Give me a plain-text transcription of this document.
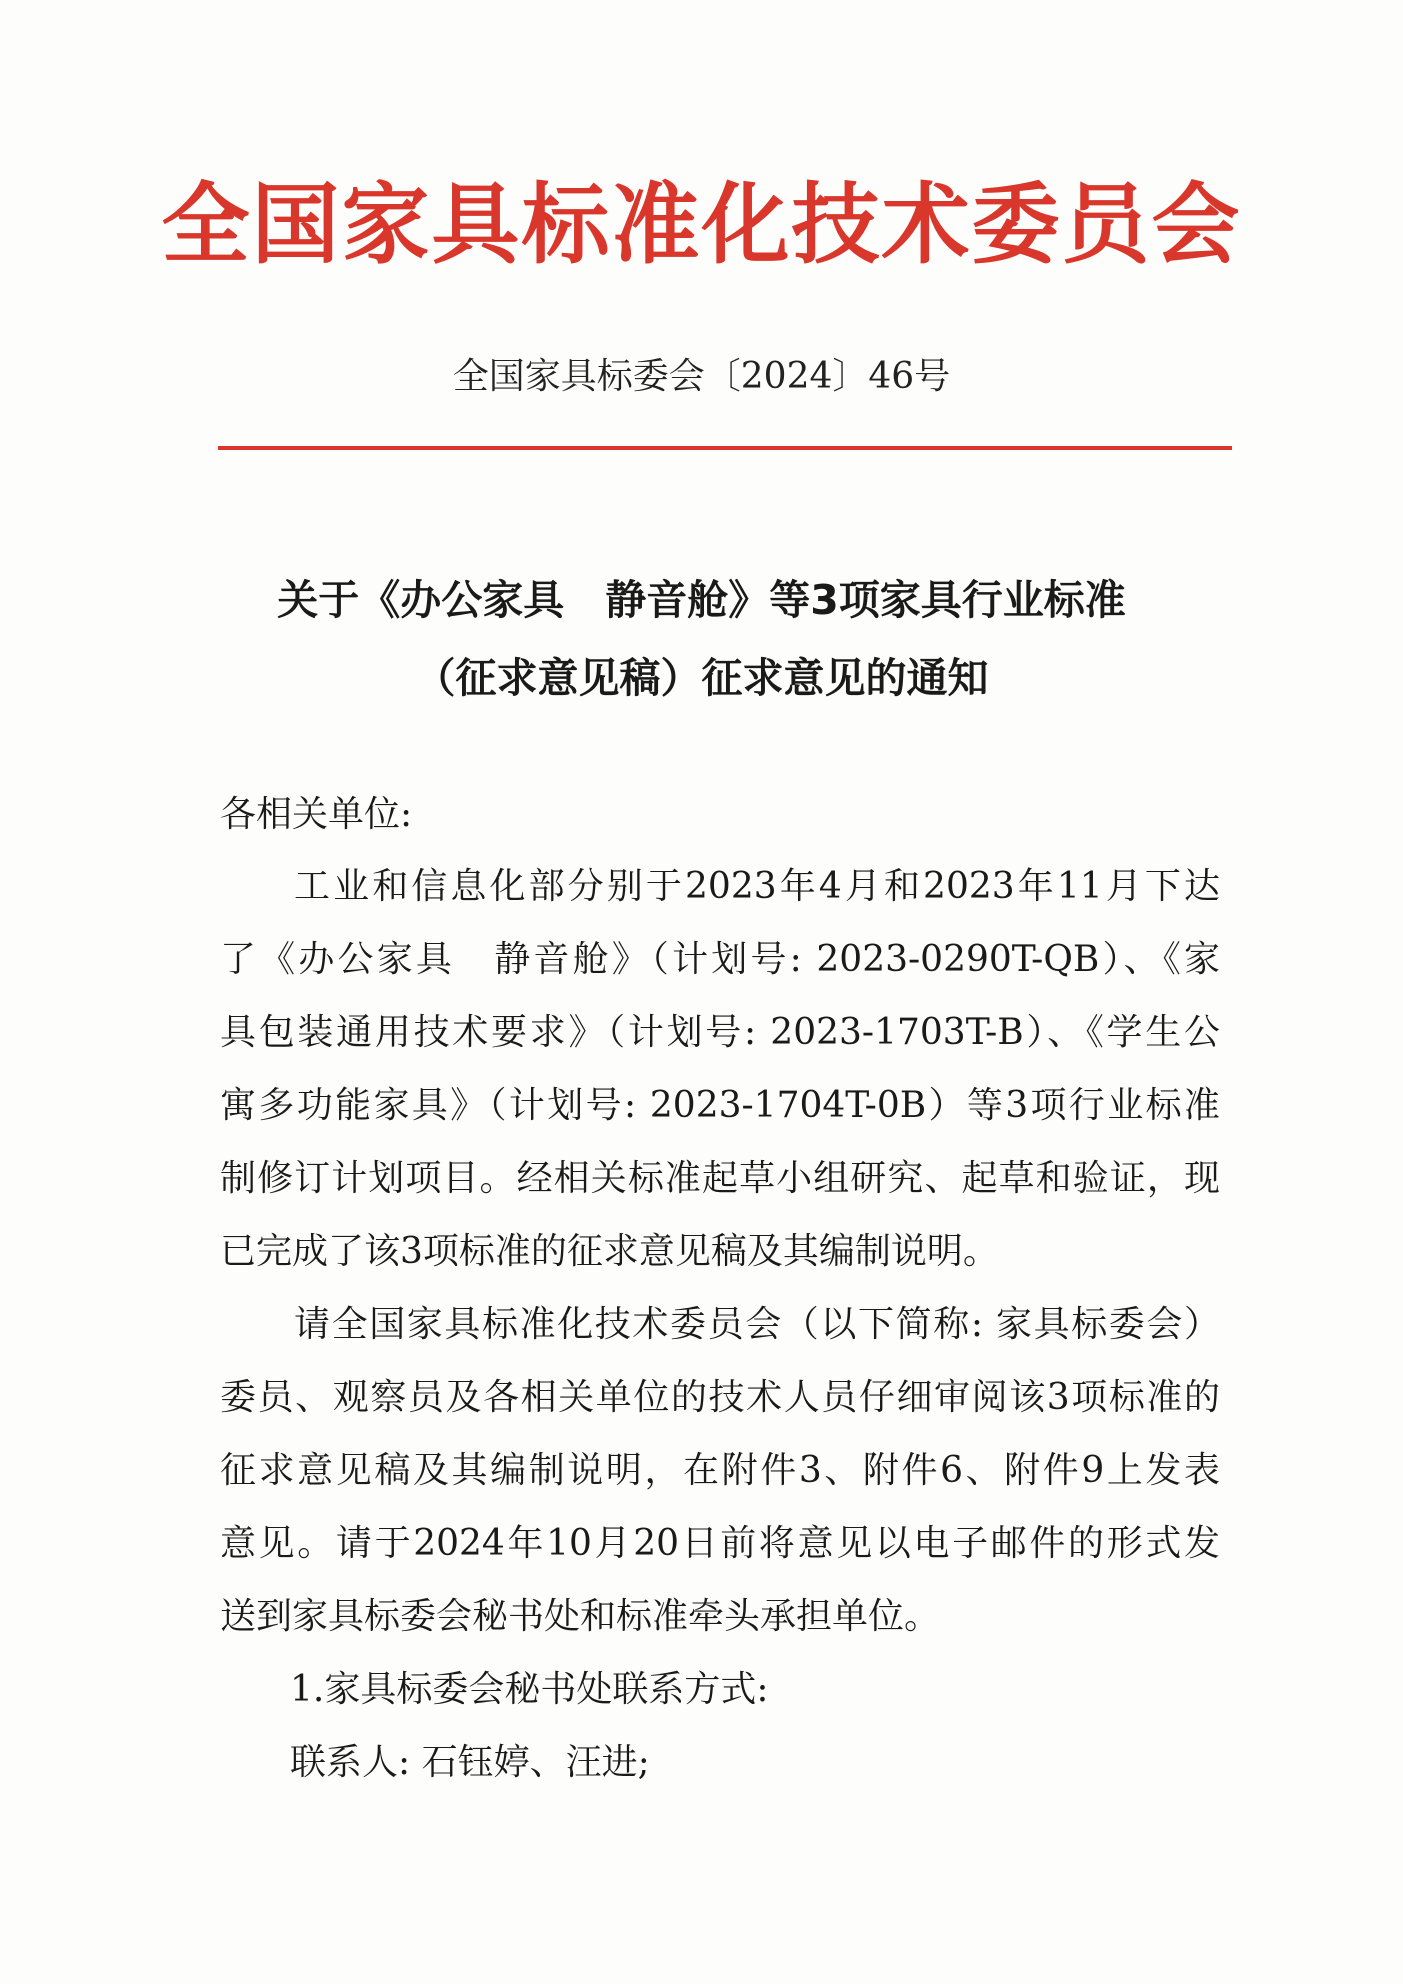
全国家具标准化技术委员会
全国家具标委会〔2024〕46号
关于《办公家具　静音舱》等3项家具行业标准
（征求意见稿）征求意见的通知
各相关单位:
工业和信息化部分别于2023年4月和2023年11月下达
了《办公家具　静音舱》（计划号: 2023-0290T-QB）、《家
具包装通用技术要求》（计划号: 2023-1703T-B）、《学生公
寓多功能家具》（计划号: 2023-1704T-0B）等3项行业标准
制修订计划项目。经相关标准起草小组研究、起草和验证，现
已完成了该3项标准的征求意见稿及其编制说明。
请全国家具标准化技术委员会（以下简称: 家具标委会）
委员、观察员及各相关单位的技术人员仔细审阅该3项标准的
征求意见稿及其编制说明，在附件3、附件6、附件9上发表
意见。请于2024年10月20日前将意见以电子邮件的形式发
送到家具标委会秘书处和标准牵头承担单位。
1.家具标委会秘书处联系方式:
联系人: 石钰婷、汪进;
